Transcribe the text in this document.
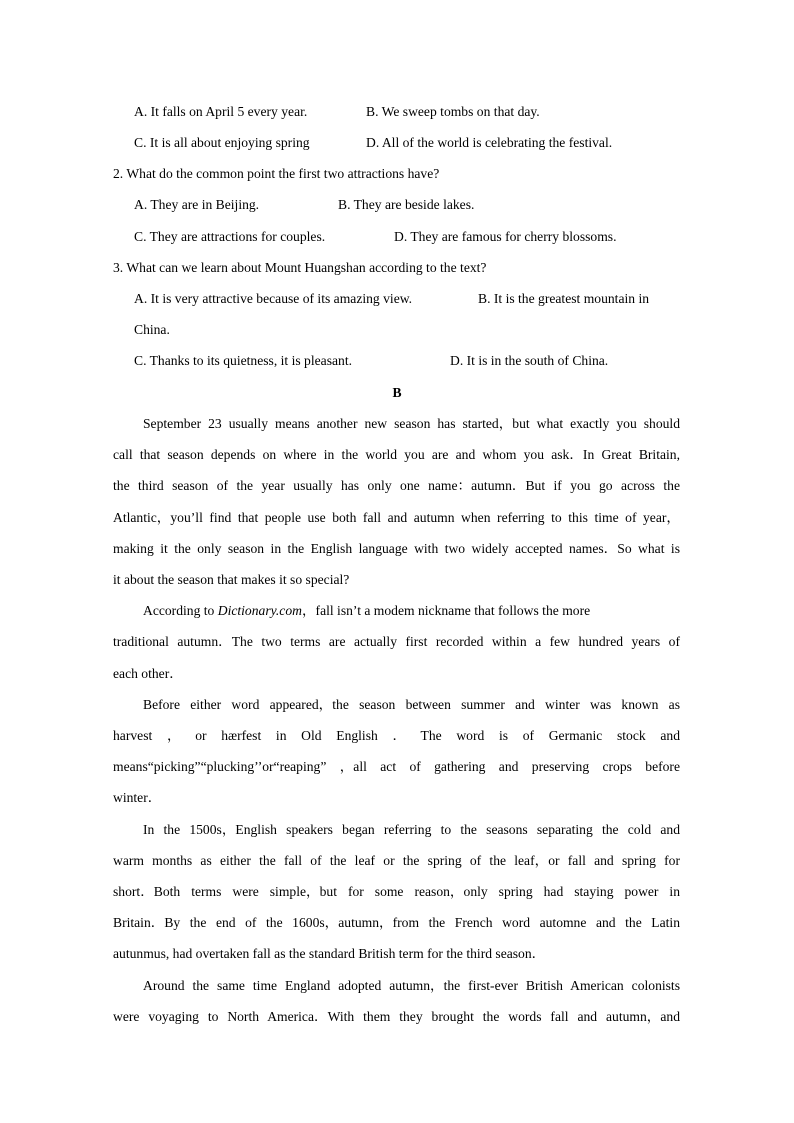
A. It falls on April 5 every year.	B. We sweep tombs on that day.
C. It is all about enjoying spring	D. All of the world is celebrating the festival.
2. What do the common point the first two attractions have?
A. They are in Beijing.	B. They are beside lakes.
C. They are attractions for couples.	D. They are famous for cherry blossoms.
3. What can we learn about Mount Huangshan according to the text?
A. It is very attractive because of its amazing view.	B. It is the greatest mountain in
China.
C. Thanks to its quietness, it is pleasant.	D. It is in the south of China.
B
September 23 usually means another new season has started，but what exactly you should
call that season depends on where in the world you are and whom you ask．In Great Britain,
the third season of the year usually has only one name：autumn．But if you go across the
Atlantic，you’ll find that people use both fall and autumn when referring to this time of year，
making it the only season in the English language with two widely accepted names．So what is
it about the season that makes it so special?
According to Dictionary.com，fall isn’t a modem nickname that follows the more
traditional autumn．The two terms are actually first recorded within a few hundred years of
each other．
Before either word appeared，the season between summer and winter was known as
harvest ， or hærfest in Old English ． The word is of Germanic stock and
means“picking”“plucking’’or“reaping” ，all act of gathering and preserving crops before
winter．
In the 1500s，English speakers began referring to the seasons separating the cold and
warm months as either the fall of the leaf or the spring of the leaf，or fall and spring for
short．Both terms were simple，but for some reason，only spring had staying power in
Britain．By the end of the 1600s，autumn，from the French word automne and the Latin
autunmus, had overtaken fall as the standard British term for the third season．
Around the same time England adopted autumn，the first-ever British American colonists
were voyaging to North America．With them they brought the words fall and autumn，and
